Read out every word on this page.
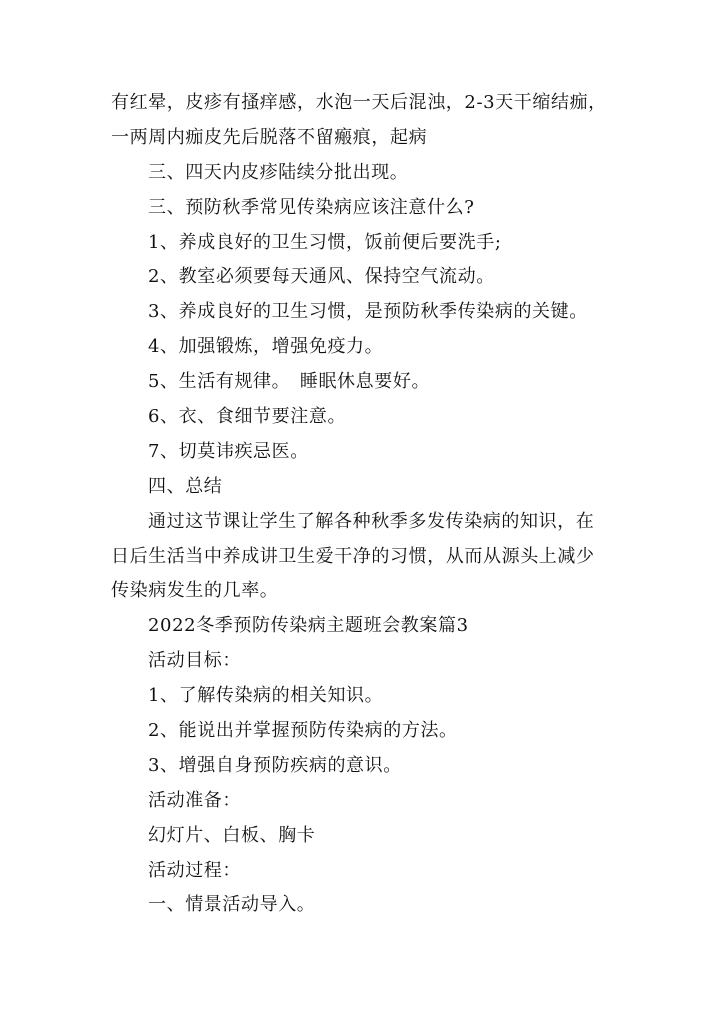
有红晕，皮疹有搔痒感，水泡一天后混浊，2-3天干缩结痂，
一两周内痂皮先后脱落不留瘢痕，起病
三、四天内皮疹陆续分批出现。
三、预防秋季常见传染病应该注意什么?
1、养成良好的卫生习惯，饭前便后要洗手;
2、教室必须要每天通风、保持空气流动。
3、养成良好的卫生习惯，是预防秋季传染病的关键。
4、加强锻炼，增强免疫力。
5、生活有规律。　睡眠休息要好。
6、衣、食细节要注意。
7、切莫讳疾忌医。
四、总结
通过这节课让学生了解各种秋季多发传染病的知识，在
日后生活当中养成讲卫生爱干净的习惯，从而从源头上减少
传染病发生的几率。
2022冬季预防传染病主题班会教案篇3
活动目标：
1、了解传染病的相关知识。
2、能说出并掌握预防传染病的方法。
3、增强自身预防疾病的意识。
活动准备：
幻灯片、白板、胸卡
活动过程：
一、情景活动导入。
